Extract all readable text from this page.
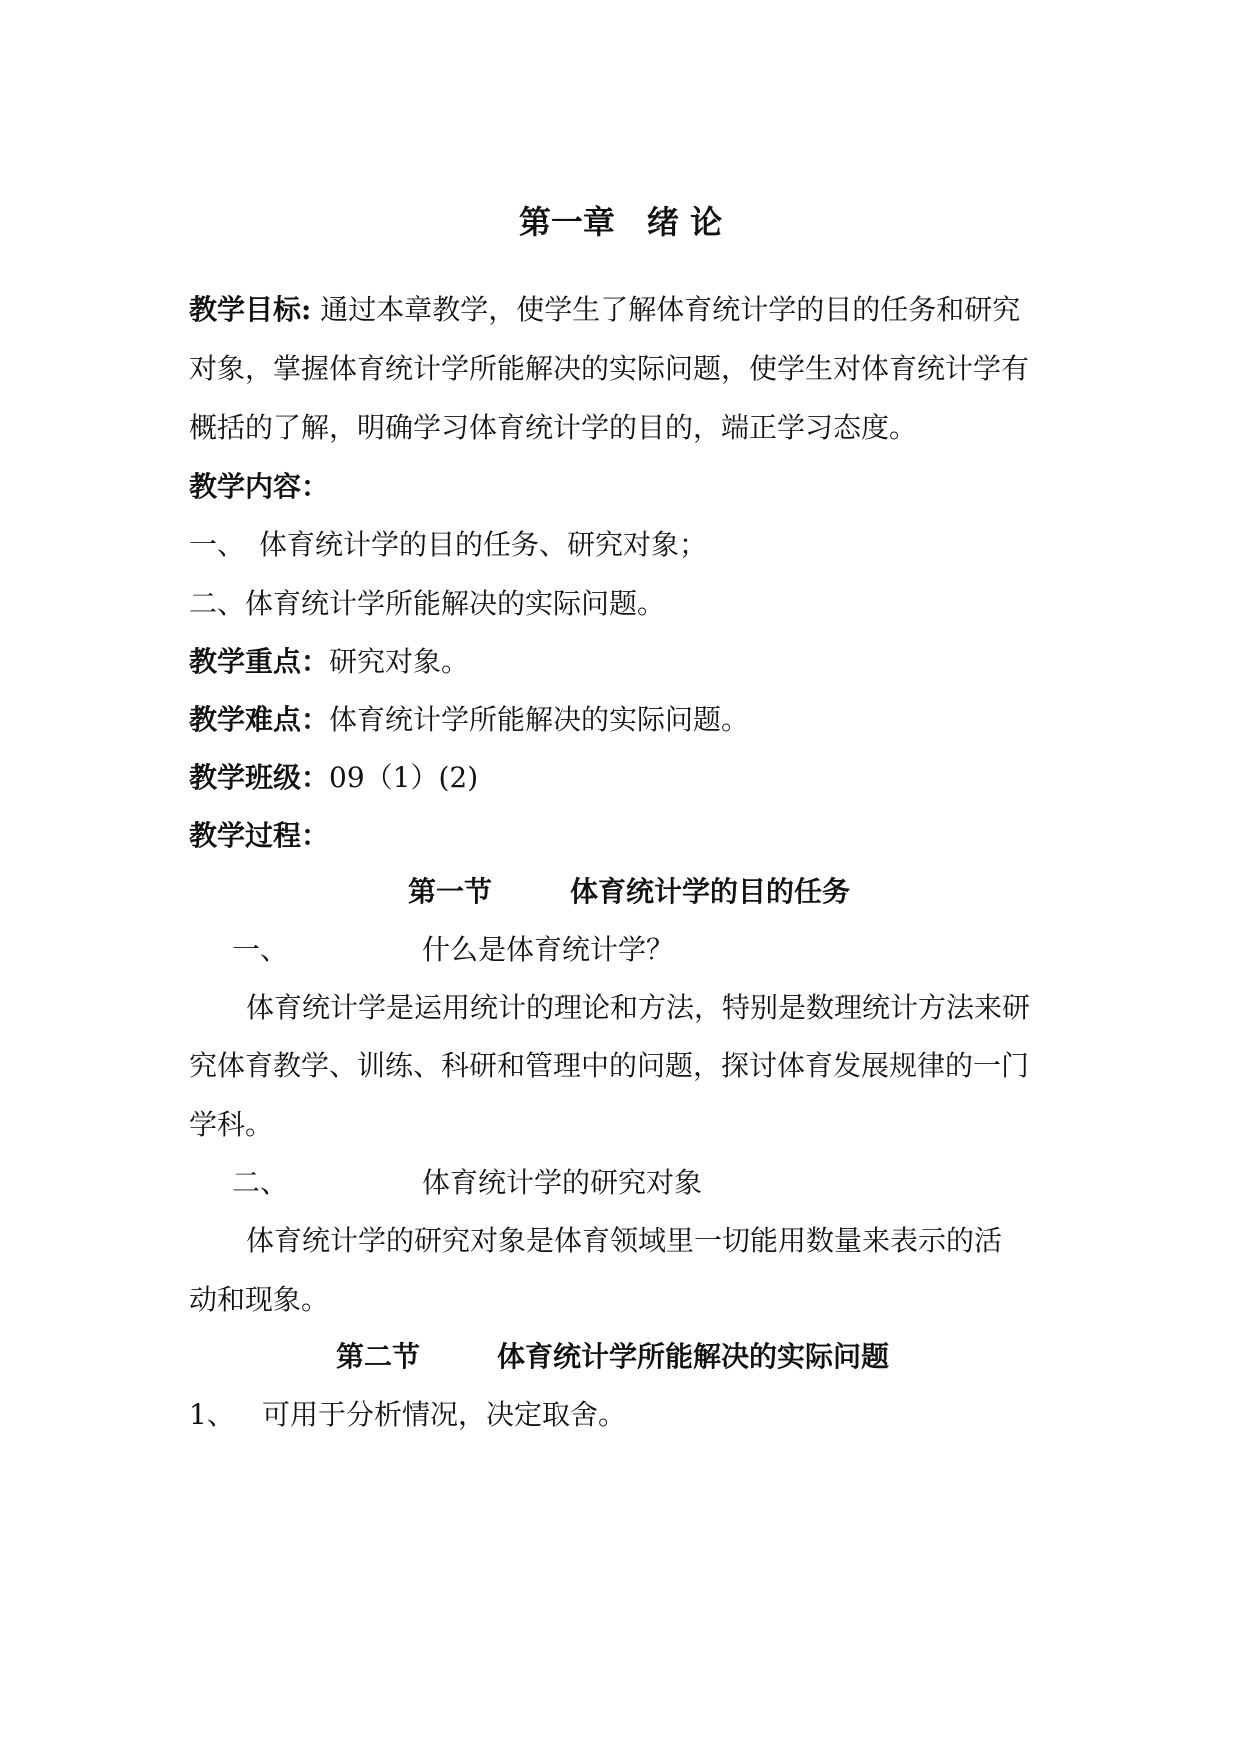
第一章　绪 论
教学目标: 通过本章教学，使学生了解体育统计学的目的任务和研究
对象，掌握体育统计学所能解决的实际问题，使学生对体育统计学有
概括的了解，明确学习体育统计学的目的，端正学习态度。
教学内容：
一、　体育统计学的目的任务、研究对象；
二、体育统计学所能解决的实际问题。
教学重点：研究对象。
教学难点：体育统计学所能解决的实际问题。
教学班级：09（1）(2)
教学过程：
第一节	体育统计学的目的任务
一、	什么是体育统计学？
体育统计学是运用统计的理论和方法，特别是数理统计方法来研
究体育教学、训练、科研和管理中的问题，探讨体育发展规律的一门
学科。
二、	体育统计学的研究对象
体育统计学的研究对象是体育领域里一切能用数量来表示的活
动和现象。
第二节	体育统计学所能解决的实际问题
1、 可用于分析情况，决定取舍。
